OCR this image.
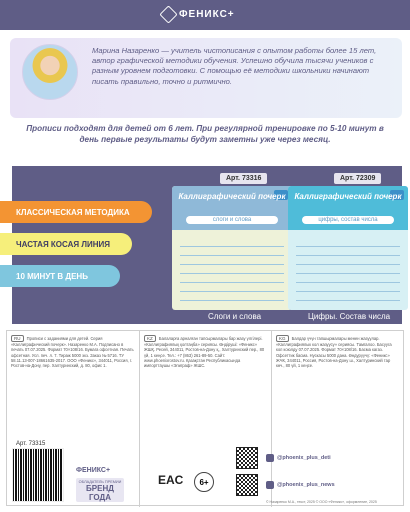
ФЕНИКС+

Марина Назаренко — учитель чистописания с опытом работы более 15 лет, автор графической методики обучения. Успешно обучила тысячи учеников с разным уровнем подготовки. С помощью её методики школьники начинают писать правильно, точно и ритмично.

Прописи подходят для детей от 6 лет. При регулярной тренировке по 5-10 минут в день первые результаты будут заметны уже через месяц.

Арт. 73316	Арт. 72309
Каллиграфический почерк
слоги и слова
Каллиграфический почерк
цифры, состав числа
Слоги и слова	Цифры. Состав числа
КЛАССИЧЕСКАЯ МЕТОДИКА
ЧАСТАЯ КОСАЯ ЛИНИЯ
10 МИНУТ В ДЕНЬ
RU Прописи с заданиями для детей. Серия «Каллиграфический почерк». Назаренко М.А. Подписано в печать 07.07.2025. Формат 70×108/16. Бумага офсетная. Печать офсетная. Усл. печ. л. 7. Тираж 5000 экз. Заказ № 5716. ТУ 58.11.13-007-18661635-2017. ООО «Феникс», 344011, Россия, г. Ростов-на-Дону, пер. Халтуринский, д. 80, офис 1.
KZ Балаларға арналған тапсырмалары бар жазу үлгілері. «Каллиграфиялық қолтаңба» сериясы. Өндіруші: «Феникс» ЖШҚ. Ресей, 344011, Ростов-на-Дону қ., Халтуринский пер., 80 үй, 1 кеңсе. Тел.: +7 (863) 261-89-50. Сайт: www.phoenixrostov.ru. Қазақстан Республикасында импорттаушы «Эпиграф» ЖШС.
KG Балдар үчүн тапшырмалары менен жазуулар. «Каллиграфиялык кол жазуусу» сериясы. Тамгалоо. Басууга кол коюлду 07.07.2025. Формат 70×108/16. Басма кагаз. Офсеттик басма. Нускасы 5000 дана. Өндүрүүчү: «Феникс» ЖЧК, 344011, Россия, Ростов-на-Дону ш., Халтуринский тар көч., 80 үй, 1 кеңсе.
Арт. 73315
ФЕНИКС+
ОБЛАДАТЕЛЬ ПРЕМИИ
БРЕНД ГОДА
EAC	6+
@phoenix_plus_deti
@phoenix_plus_news
© Назаренко М.А., текст, 2025 © ООО «Феникс», оформление, 2025
